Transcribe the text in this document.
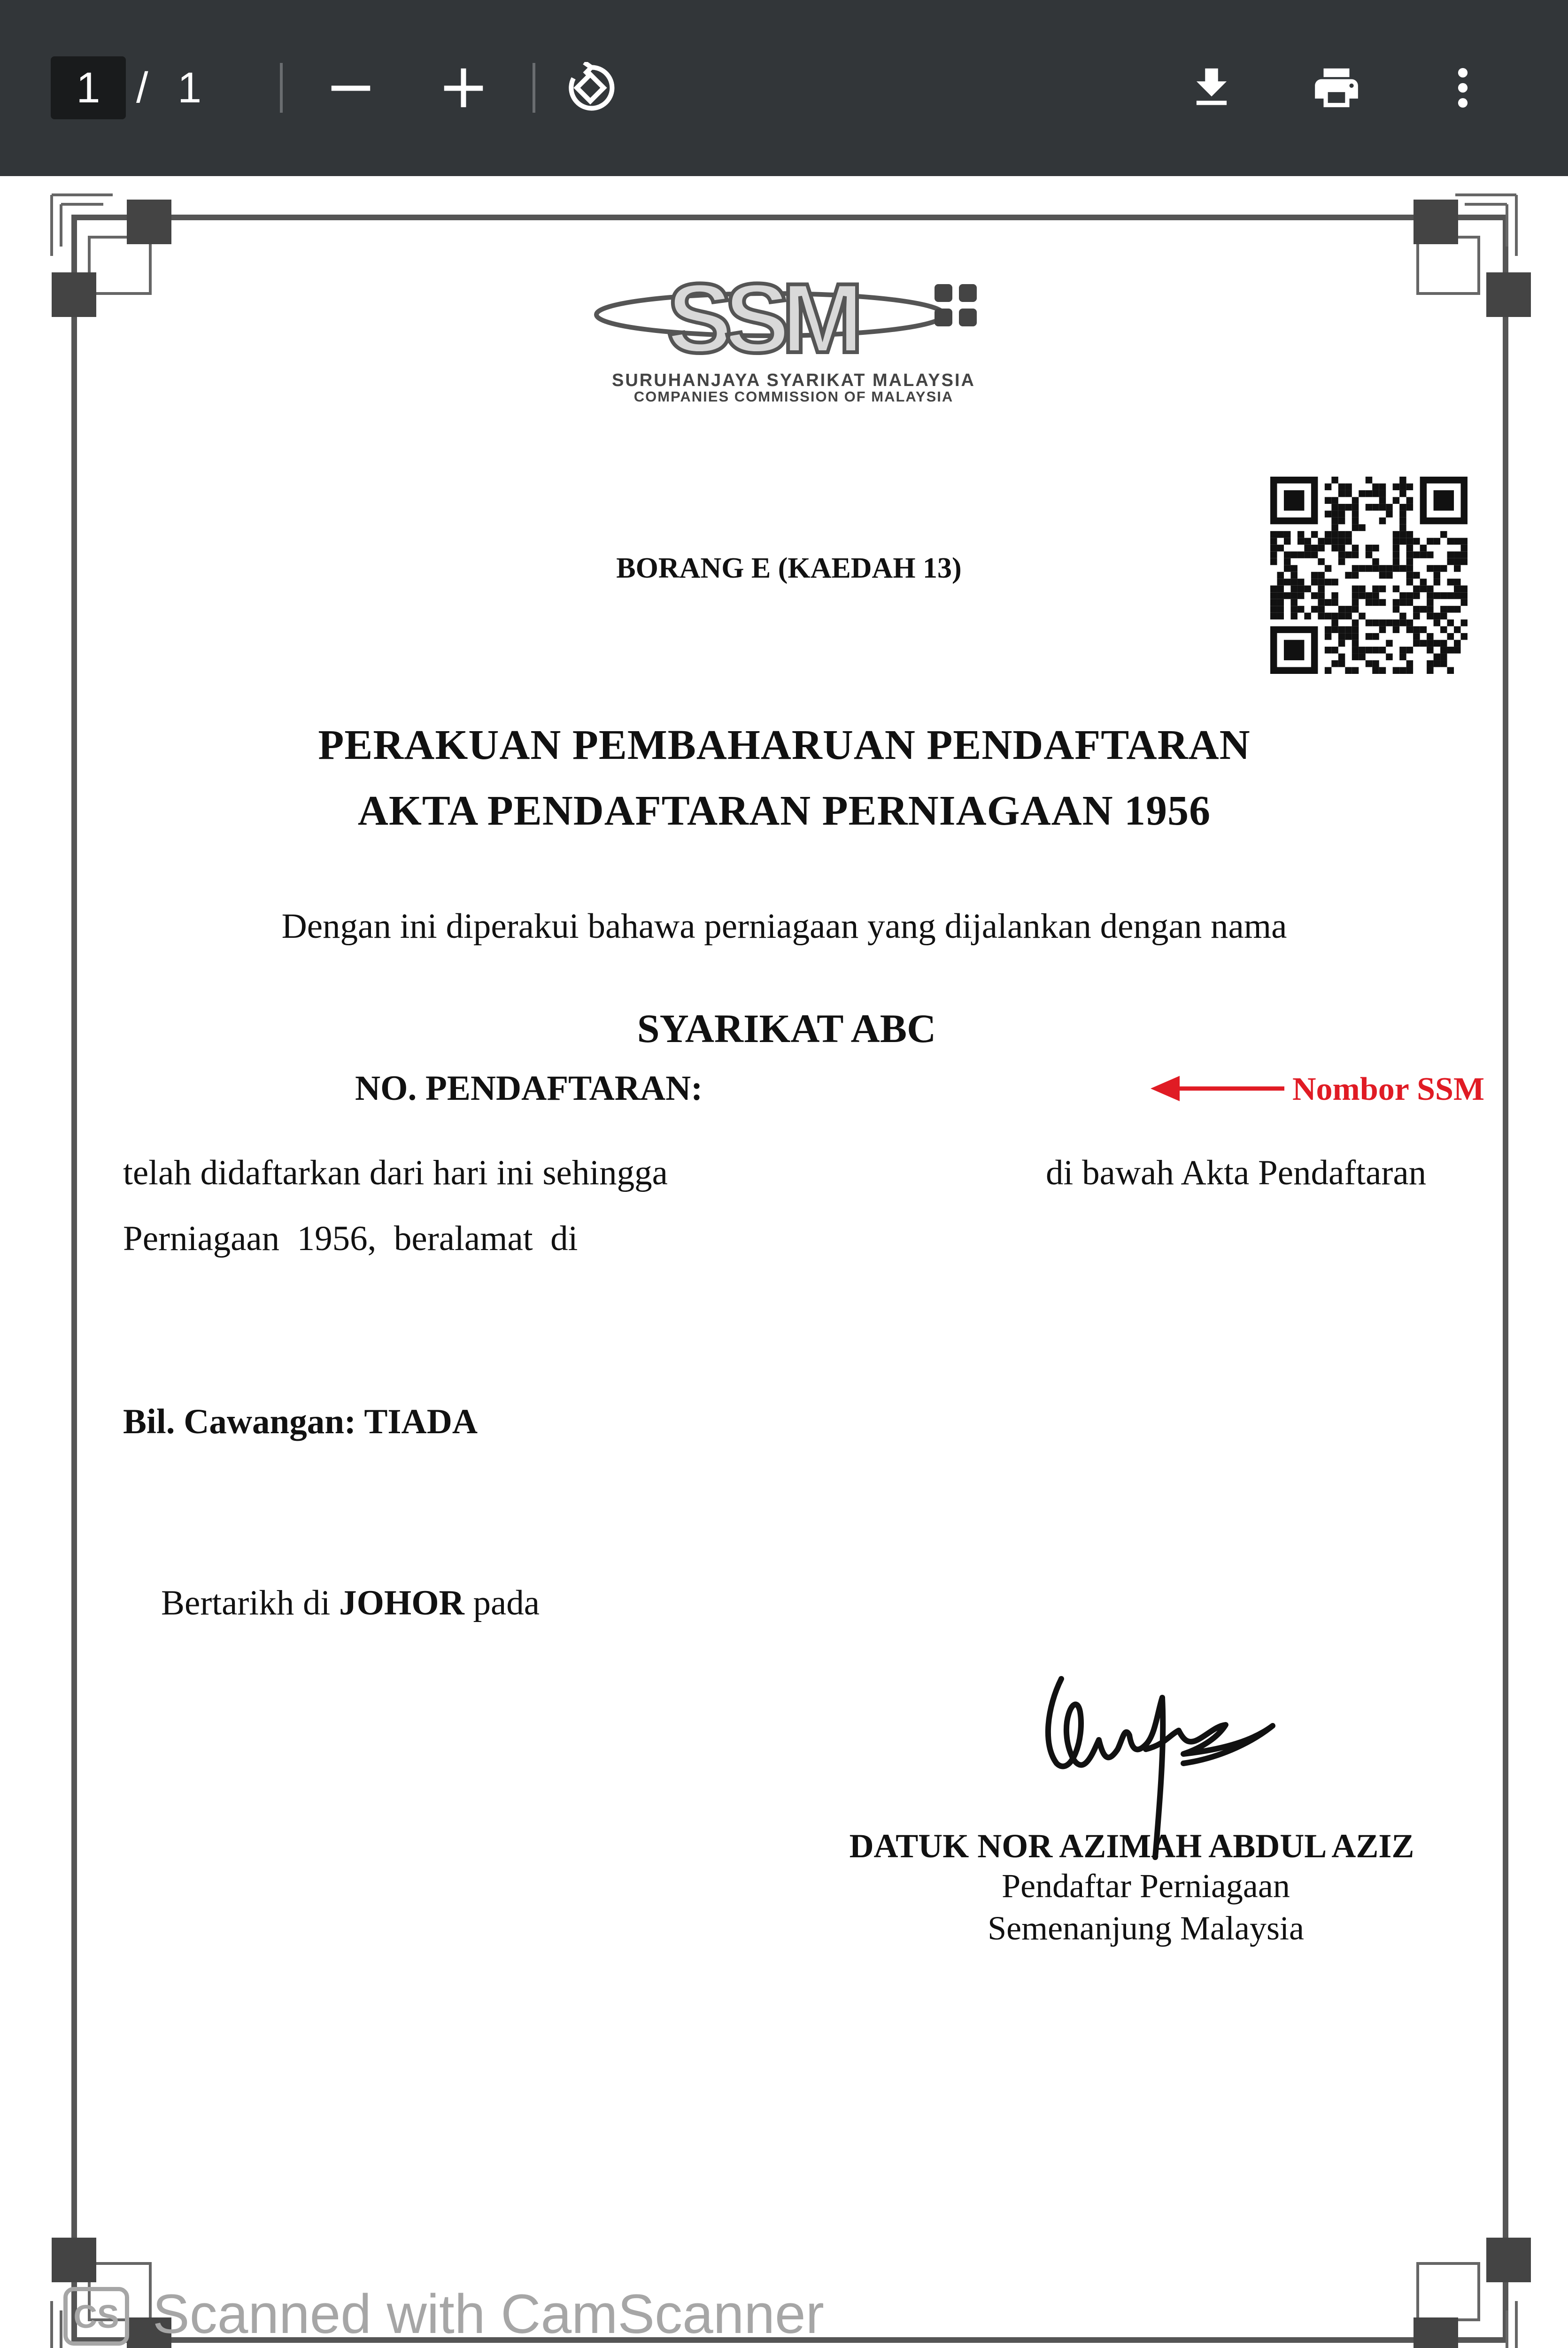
1 / 1
SSM
SURUHANJAYA SYARIKAT MALAYSIA
COMPANIES COMMISSION OF MALAYSIA
BORANG E (KAEDAH 13)
PERAKUAN PEMBAHARUAN PENDAFTARAN
AKTA PENDAFTARAN PERNIAGAAN 1956
Dengan ini diperakui bahawa perniagaan yang dijalankan dengan nama
SYARIKAT ABC
NO. PENDAFTARAN:	Nombor SSM
telah didaftarkan dari hari ini sehingga	di bawah Akta Pendaftaran
Perniagaan  1956,  beralamat  di
Bil. Cawangan: TIADA

Bertarikh di JOHOR pada

DATUK NOR AZIMAH ABDUL AZIZ
Pendaftar Perniagaan
Semenanjung Malaysia
CS Scanned with CamScanner
